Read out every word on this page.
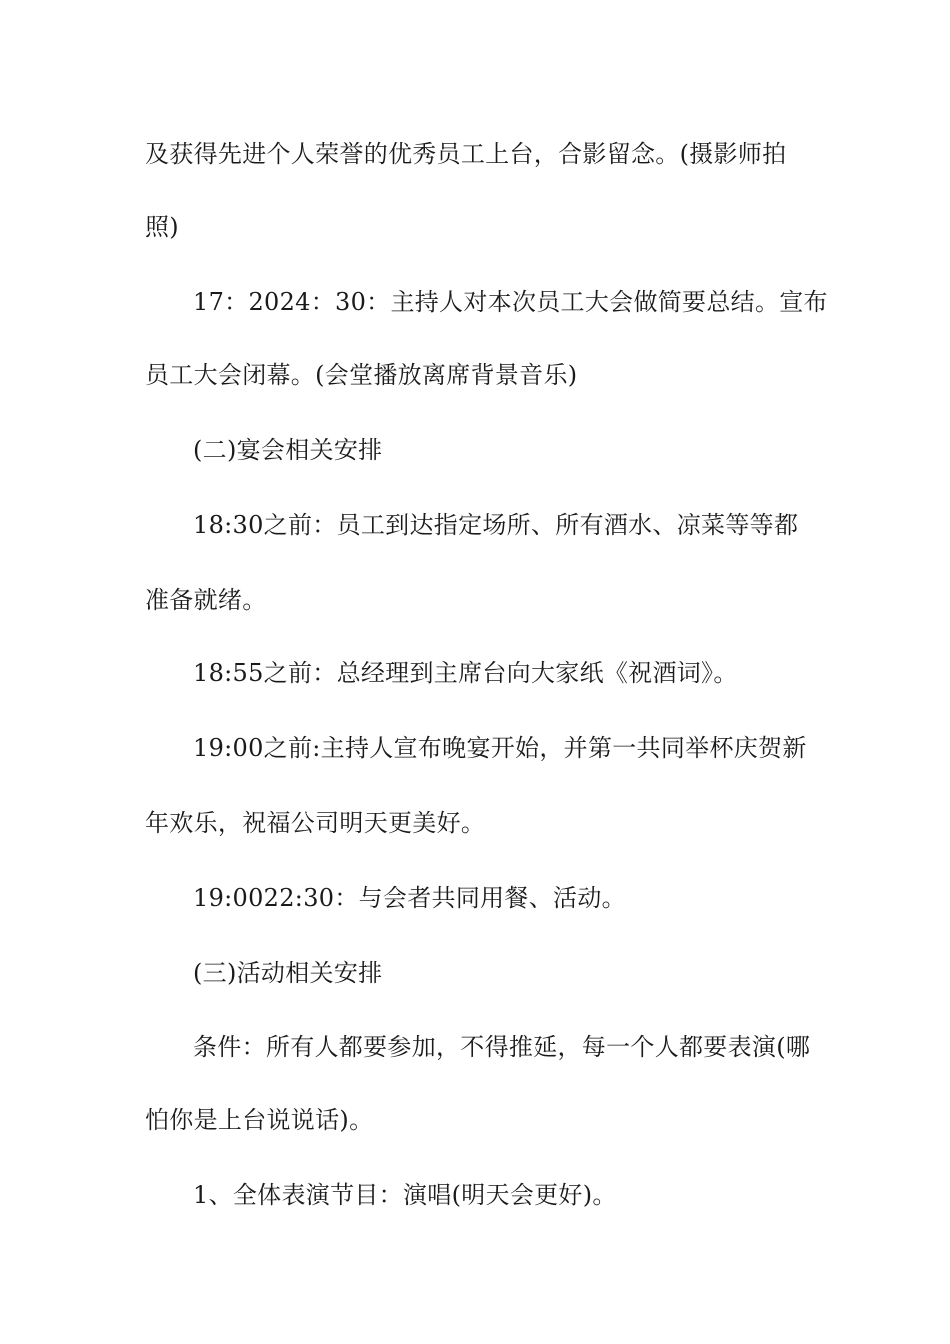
及获得先进个人荣誉的优秀员工上台，合影留念。(摄影师拍
照)
17：2024：30：主持人对本次员工大会做简要总结。宣布
员工大会闭幕。(会堂播放离席背景音乐)
(二)宴会相关安排
18:30之前：员工到达指定场所、所有酒水、凉菜等等都
准备就绪。
18:55之前：总经理到主席台向大家纸《祝酒词》。
19:00之前:主持人宣布晚宴开始，并第一共同举杯庆贺新
年欢乐，祝福公司明天更美好。
19:0022:30：与会者共同用餐、活动。
(三)活动相关安排
条件：所有人都要参加，不得推延，每一个人都要表演(哪
怕你是上台说说话)。
1、全体表演节目：演唱(明天会更好)。
